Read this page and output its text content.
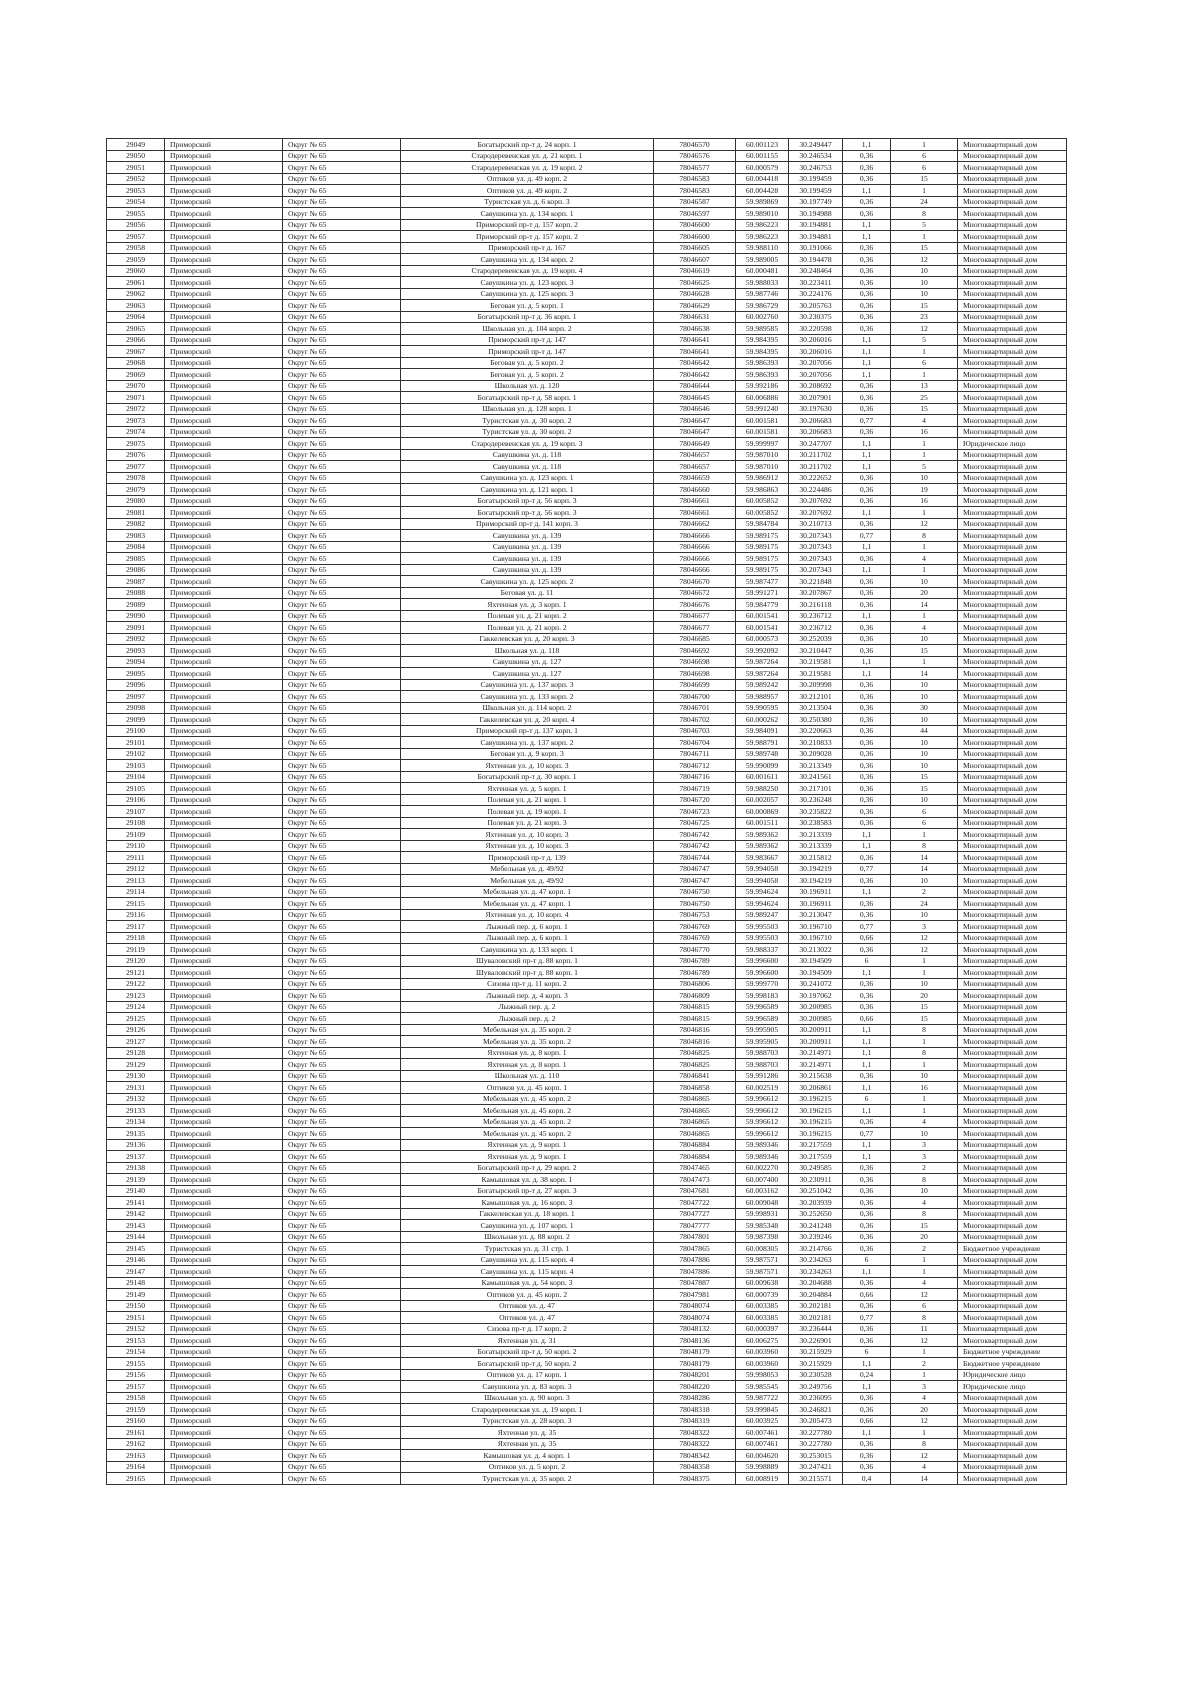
29049	Приморский	Округ № 65	Богатырский пр-т д. 24 корп. 1	78046570	60.001123	30.249447	1,1	1	Многоквартирный дом
29050	Приморский	Округ № 65	Стародеревенская ул. д. 21 корп. 1	78046576	60.001155	30.246534	0,36	6	Многоквартирный дом
29051	Приморский	Округ № 65	Стародеревенская ул. д. 19 корп. 2	78046577	60.000579	30.246753	0,36	6	Многоквартирный дом
29052	Приморский	Округ № 65	Оптиков ул. д. 49 корп. 2	78046583	60.004418	30.199459	0,36	15	Многоквартирный дом
29053	Приморский	Округ № 65	Оптиков ул. д. 49 корп. 2	78046583	60.004428	30.199459	1,1	1	Многоквартирный дом
29054	Приморский	Округ № 65	Туристская ул. д. 6 корп. 3	78046587	59.989869	30.197749	0,36	24	Многоквартирный дом
29055	Приморский	Округ № 65	Савушкина ул. д. 134 корп. 1	78046597	59.989010	30.194988	0,36	8	Многоквартирный дом
29056	Приморский	Округ № 65	Приморский пр-т д. 157 корп. 2	78046600	59.986223	30.194881	1,1	5	Многоквартирный дом
29057	Приморский	Округ № 65	Приморский пр-т д. 157 корп. 2	78046600	59.986223	30.194881	1,1	1	Многоквартирный дом
29058	Приморский	Округ № 65	Приморский пр-т д. 167	78046605	59.988110	30.191066	0,36	15	Многоквартирный дом
29059	Приморский	Округ № 65	Савушкина ул. д. 134 корп. 2	78046607	59.989005	30.194478	0,36	12	Многоквартирный дом
29060	Приморский	Округ № 65	Стародеревенская ул. д. 19 корп. 4	78046619	60.000481	30.248464	0,36	10	Многоквартирный дом
29061	Приморский	Округ № 65	Савушкина ул. д. 123 корп. 3	78046625	59.988033	30.223411	0,36	10	Многоквартирный дом
29062	Приморский	Округ № 65	Савушкина ул. д. 125 корп. 3	78046628	59.987746	30.224176	0,36	10	Многоквартирный дом
29063	Приморский	Округ № 65	Беговая ул. д. 5 корп. 1	78046629	59.986729	30.205763	0,36	15	Многоквартирный дом
29064	Приморский	Округ № 65	Богатырский пр-т д. 36 корп. 1	78046631	60.002760	30.230375	0,36	23	Многоквартирный дом
29065	Приморский	Округ № 65	Школьная ул. д. 104 корп. 2	78046638	59.989585	30.220598	0,36	12	Многоквартирный дом
29066	Приморский	Округ № 65	Приморский пр-т д. 147	78046641	59.984395	30.206016	1,1	5	Многоквартирный дом
29067	Приморский	Округ № 65	Приморский пр-т д. 147	78046641	59.984395	30.206016	1,1	1	Многоквартирный дом
29068	Приморский	Округ № 65	Беговая ул. д. 5 корп. 2	78046642	59.986393	30.207056	1,1	6	Многоквартирный дом
29069	Приморский	Округ № 65	Беговая ул. д. 5 корп. 2	78046642	59.986393	30.207056	1,1	1	Многоквартирный дом
29070	Приморский	Округ № 65	Школьная ул. д. 120	78046644	59.992186	30.208692	0,36	13	Многоквартирный дом
29071	Приморский	Округ № 65	Богатырский пр-т д. 58 корп. 1	78046645	60.006886	30.207901	0,36	25	Многоквартирный дом
29072	Приморский	Округ № 65	Школьная ул. д. 128 корп. 1	78046646	59.991240	30.197630	0,36	15	Многоквартирный дом
29073	Приморский	Округ № 65	Туристская ул. д. 30 корп. 2	78046647	60.001581	30.206683	0,77	4	Многоквартирный дом
29074	Приморский	Округ № 65	Туристская ул. д. 30 корп. 2	78046647	60.001581	30.206683	0,36	16	Многоквартирный дом
29075	Приморский	Округ № 65	Стародеревенская ул. д. 19 корп. 3	78046649	59.999997	30.247707	1,1	1	Юридическое лицо
29076	Приморский	Округ № 65	Савушкина ул. д. 118	78046657	59.987010	30.211702	1,1	1	Многоквартирный дом
29077	Приморский	Округ № 65	Савушкина ул. д. 118	78046657	59.987010	30.211702	1,1	5	Многоквартирный дом
29078	Приморский	Округ № 65	Савушкина ул. д. 123 корп. 1	78046659	59.986912	30.222652	0,36	10	Многоквартирный дом
29079	Приморский	Округ № 65	Савушкина ул. д. 121 корп. 1	78046660	59.986863	30.224486	0,36	19	Многоквартирный дом
29080	Приморский	Округ № 65	Богатырский пр-т д. 56 корп. 3	78046661	60.005852	30.207692	0,36	16	Многоквартирный дом
29081	Приморский	Округ № 65	Богатырский пр-т д. 56 корп. 3	78046661	60.005852	30.207692	1,1	1	Многоквартирный дом
29082	Приморский	Округ № 65	Приморский пр-т д. 141 корп. 3	78046662	59.984784	30.210713	0,36	12	Многоквартирный дом
29083	Приморский	Округ № 65	Савушкина ул. д. 139	78046666	59.989175	30.207343	0,77	8	Многоквартирный дом
29084	Приморский	Округ № 65	Савушкина ул. д. 139	78046666	59.989175	30.207343	1,1	1	Многоквартирный дом
29085	Приморский	Округ № 65	Савушкина ул. д. 139	78046666	59.989175	30.207343	0,36	4	Многоквартирный дом
29086	Приморский	Округ № 65	Савушкина ул. д. 139	78046666	59.989175	30.207343	1,1	1	Многоквартирный дом
29087	Приморский	Округ № 65	Савушкина ул. д. 125 корп. 2	78046670	59.987477	30.221848	0,36	10	Многоквартирный дом
29088	Приморский	Округ № 65	Беговая ул. д. 11	78046672	59.991271	30.207867	0,36	20	Многоквартирный дом
29089	Приморский	Округ № 65	Яхтенная ул. д. 3 корп. 1	78046676	59.984779	30.216118	0,36	14	Многоквартирный дом
29090	Приморский	Округ № 65	Полевая ул. д. 21 корп. 2	78046677	60.001541	30.236712	1,1	1	Многоквартирный дом
29091	Приморский	Округ № 65	Полевая ул. д. 21 корп. 2	78046677	60.001541	30.236712	0,36	4	Многоквартирный дом
29092	Приморский	Округ № 65	Гаккелевская ул. д. 20 корп. 3	78046685	60.000573	30.252039	0,36	10	Многоквартирный дом
29093	Приморский	Округ № 65	Школьная ул. д. 118	78046692	59.992092	30.210447	0,36	15	Многоквартирный дом
29094	Приморский	Округ № 65	Савушкина ул. д. 127	78046698	59.987264	30.219581	1,1	1	Многоквартирный дом
29095	Приморский	Округ № 65	Савушкина ул. д. 127	78046698	59.987264	30.219581	1,1	14	Многоквартирный дом
29096	Приморский	Округ № 65	Савушкина ул. д. 137 корп. 3	78046699	59.989242	30.209998	0,36	10	Многоквартирный дом
29097	Приморский	Округ № 65	Савушкина ул. д. 133 корп. 2	78046700	59.988957	30.212101	0,36	10	Многоквартирный дом
29098	Приморский	Округ № 65	Школьная ул. д. 114 корп. 2	78046701	59.990595	30.213504	0,36	30	Многоквартирный дом
29099	Приморский	Округ № 65	Гаккелевская ул. д. 20 корп. 4	78046702	60.000262	30.250380	0,36	10	Многоквартирный дом
29100	Приморский	Округ № 65	Приморский пр-т д. 137 корп. 1	78046703	59.984091	30.220663	0,36	44	Многоквартирный дом
29101	Приморский	Округ № 65	Савушкина ул. д. 137 корп. 2	78046704	59.988791	30.210833	0,36	10	Многоквартирный дом
29102	Приморский	Округ № 65	Беговая ул. д. 9 корп. 3	78046711	59.989748	30.209028	0,36	10	Многоквартирный дом
29103	Приморский	Округ № 65	Яхтенная ул. д. 10 корп. 3	78046712	59.990099	30.213349	0,36	10	Многоквартирный дом
29104	Приморский	Округ № 65	Богатырский пр-т д. 30 корп. 1	78046716	60.001611	30.241561	0,36	15	Многоквартирный дом
29105	Приморский	Округ № 65	Яхтенная ул. д. 5 корп. 1	78046719	59.988250	30.217101	0,36	15	Многоквартирный дом
29106	Приморский	Округ № 65	Полевая ул. д. 21 корп. 1	78046720	60.002057	30.236248	0,36	10	Многоквартирный дом
29107	Приморский	Округ № 65	Полевая ул. д. 19 корп. 1	78046723	60.000869	30.235822	0,36	6	Многоквартирный дом
29108	Приморский	Округ № 65	Полевая ул. д. 21 корп. 3	78046725	60.001511	30.238583	0,36	6	Многоквартирный дом
29109	Приморский	Округ № 65	Яхтенная ул. д. 10 корп. 3	78046742	59.989362	30.213339	1,1	1	Многоквартирный дом
29110	Приморский	Округ № 65	Яхтенная ул. д. 10 корп. 3	78046742	59.989362	30.213339	1,1	8	Многоквартирный дом
29111	Приморский	Округ № 65	Приморский пр-т д. 139	78046744	59.983667	30.215812	0,36	14	Многоквартирный дом
29112	Приморский	Округ № 65	Мебельная ул. д. 49/92	78046747	59.994058	30.194219	0,77	14	Многоквартирный дом
29113	Приморский	Округ № 65	Мебельная ул. д. 49/92	78046747	59.994058	30.194219	0,36	10	Многоквартирный дом
29114	Приморский	Округ № 65	Мебельная ул. д. 47 корп. 1	78046750	59.994624	30.196911	1,1	2	Многоквартирный дом
29115	Приморский	Округ № 65	Мебельная ул. д. 47 корп. 1	78046750	59.994624	30.196911	0,36	24	Многоквартирный дом
29116	Приморский	Округ № 65	Яхтенная ул. д. 10 корп. 4	78046753	59.989247	30.213047	0,36	10	Многоквартирный дом
29117	Приморский	Округ № 65	Лыжный пер. д. 6 корп. 1	78046769	59.995503	30.196710	0,77	3	Многоквартирный дом
29118	Приморский	Округ № 65	Лыжный пер. д. 6 корп. 1	78046769	59.995503	30.196710	0,66	12	Многоквартирный дом
29119	Приморский	Округ № 65	Савушкина ул. д. 133 корп. 1	78046770	59.988337	30.213022	0,36	12	Многоквартирный дом
29120	Приморский	Округ № 65	Шуваловский пр-т д. 88 корп. 1	78046789	59.996600	30.194509	6	1	Многоквартирный дом
29121	Приморский	Округ № 65	Шуваловский пр-т д. 88 корп. 1	78046789	59.996600	30.194509	1,1	1	Многоквартирный дом
29122	Приморский	Округ № 65	Сизова пр-т д. 11 корп. 2	78046806	59.999770	30.241072	0,36	10	Многоквартирный дом
29123	Приморский	Округ № 65	Лыжный пер. д. 4 корп. 3	78046809	59.998183	30.197062	0,36	20	Многоквартирный дом
29124	Приморский	Округ № 65	Лыжный пер. д. 2	78046815	59.996589	30.200985	0,36	15	Многоквартирный дом
29125	Приморский	Округ № 65	Лыжный пер. д. 2	78046815	59.996589	30.200985	0,66	15	Многоквартирный дом
29126	Приморский	Округ № 65	Мебельная ул. д. 35 корп. 2	78046816	59.995905	30.200911	1,1	8	Многоквартирный дом
29127	Приморский	Округ № 65	Мебельная ул. д. 35 корп. 2	78046816	59.995905	30.200911	1,1	1	Многоквартирный дом
29128	Приморский	Округ № 65	Яхтенная ул. д. 8 корп. 1	78046825	59.988703	30.214971	1,1	8	Многоквартирный дом
29129	Приморский	Округ № 65	Яхтенная ул. д. 8 корп. 1	78046825	59.988703	30.214971	1,1	1	Многоквартирный дом
29130	Приморский	Округ № 65	Школьная ул. д. 110	78046841	59.991286	30.215638	0,36	10	Многоквартирный дом
29131	Приморский	Округ № 65	Оптиков ул. д. 45 корп. 1	78046858	60.002519	30.206861	1,1	16	Многоквартирный дом
29132	Приморский	Округ № 65	Мебельная ул. д. 45 корп. 2	78046865	59.996612	30.196215	6	1	Многоквартирный дом
29133	Приморский	Округ № 65	Мебельная ул. д. 45 корп. 2	78046865	59.996612	30.196215	1,1	1	Многоквартирный дом
29134	Приморский	Округ № 65	Мебельная ул. д. 45 корп. 2	78046865	59.996612	30.196215	0,36	4	Многоквартирный дом
29135	Приморский	Округ № 65	Мебельная ул. д. 45 корп. 2	78046865	59.996612	30.196215	0,77	10	Многоквартирный дом
29136	Приморский	Округ № 65	Яхтенная ул. д. 9 корп. 1	78046884	59.989346	30.217559	1,1	3	Многоквартирный дом
29137	Приморский	Округ № 65	Яхтенная ул. д. 9 корп. 1	78046884	59.989346	30.217559	1,1	3	Многоквартирный дом
29138	Приморский	Округ № 65	Богатырский пр-т д. 29 корп. 2	78047465	60.002270	30.249585	0,36	2	Многоквартирный дом
29139	Приморский	Округ № 65	Камышовая ул. д. 38 корп. 1	78047473	60.007400	30.230911	0,36	8	Многоквартирный дом
29140	Приморский	Округ № 65	Богатырский пр-т д. 27 корп. 3	78047681	60.003162	30.251042	0,36	10	Многоквартирный дом
29141	Приморский	Округ № 65	Камышовая ул. д. 16 корп. 3	78047722	60.009048	30.203939	0,36	4	Многоквартирный дом
29142	Приморский	Округ № 65	Гаккелевская ул. д. 18 корп. 1	78047727	59.998931	30.252650	0,36	8	Многоквартирный дом
29143	Приморский	Округ № 65	Савушкина ул. д. 107 корп. 1	78047777	59.985348	30.241248	0,36	15	Многоквартирный дом
29144	Приморский	Округ № 65	Школьная ул. д. 88 корп. 2	78047801	59.987398	30.239246	0,36	20	Многоквартирный дом
29145	Приморский	Округ № 65	Туристская ул. д. 31 стр. 1	78047865	60.008305	30.214766	0,36	2	Бюджетное учреждение
29146	Приморский	Округ № 65	Савушкина ул. д. 115 корп. 4	78047886	59.987571	30.234263	6	1	Многоквартирный дом
29147	Приморский	Округ № 65	Савушкина ул. д. 115 корп. 4	78047886	59.987571	30.234263	1,1	1	Многоквартирный дом
29148	Приморский	Округ № 65	Камышовая ул. д. 54 корп. 3	78047887	60.009638	30.204688	0,36	4	Многоквартирный дом
29149	Приморский	Округ № 65	Оптиков ул. д. 45 корп. 2	78047981	60.000739	30.204884	0,66	12	Многоквартирный дом
29150	Приморский	Округ № 65	Оптиков ул. д. 47	78048074	60.003385	30.202181	0,36	6	Многоквартирный дом
29151	Приморский	Округ № 65	Оптиков ул. д. 47	78048074	60.003385	30.202181	0,77	8	Многоквартирный дом
29152	Приморский	Округ № 65	Сизова пр-т д. 17 корп. 2	78048132	60.000397	30.236444	0,36	11	Многоквартирный дом
29153	Приморский	Округ № 65	Яхтенная ул. д. 31	78048136	60.006275	30.226901	0,36	12	Многоквартирный дом
29154	Приморский	Округ № 65	Богатырский пр-т д. 50 корп. 2	78048179	60.003960	30.215929	6	1	Бюджетное учреждение
29155	Приморский	Округ № 65	Богатырский пр-т д. 50 корп. 2	78048179	60.003960	30.215929	1,1	2	Бюджетное учреждение
29156	Приморский	Округ № 65	Оптиков ул. д. 17 корп. 1	78048201	59.998053	30.230528	0,24	1	Юридическое лицо
29157	Приморский	Округ № 65	Савушкина ул. д. 83 корп. 3	78048220	59.985545	30.249756	1,1	3	Юридическое лицо
29158	Приморский	Округ № 65	Школьная ул. д. 90 корп. 3	78048286	59.987722	30.236095	0,36	4	Многоквартирный дом
29159	Приморский	Округ № 65	Стародеревенская ул. д. 19 корп. 1	78048318	59.999845	30.246821	0,36	20	Многоквартирный дом
29160	Приморский	Округ № 65	Туристская ул. д. 28 корп. 3	78048319	60.003925	30.205473	0,66	12	Многоквартирный дом
29161	Приморский	Округ № 65	Яхтенная ул. д. 35	78048322	60.007461	30.227780	1,1	1	Многоквартирный дом
29162	Приморский	Округ № 65	Яхтенная ул. д. 35	78048322	60.007461	30.227780	0,36	8	Многоквартирный дом
29163	Приморский	Округ № 65	Камышовая ул. д. 4 корп. 1	78048342	60.004620	30.253015	0,36	12	Многоквартирный дом
29164	Приморский	Округ № 65	Оптиков ул. д. 5 корп. 2	78048358	59.998889	30.247421	0,36	4	Многоквартирный дом
29165	Приморский	Округ № 65	Туристская ул. д. 35 корп. 2	78048375	60.008919	30.215571	0,4	14	Многоквартирный дом
